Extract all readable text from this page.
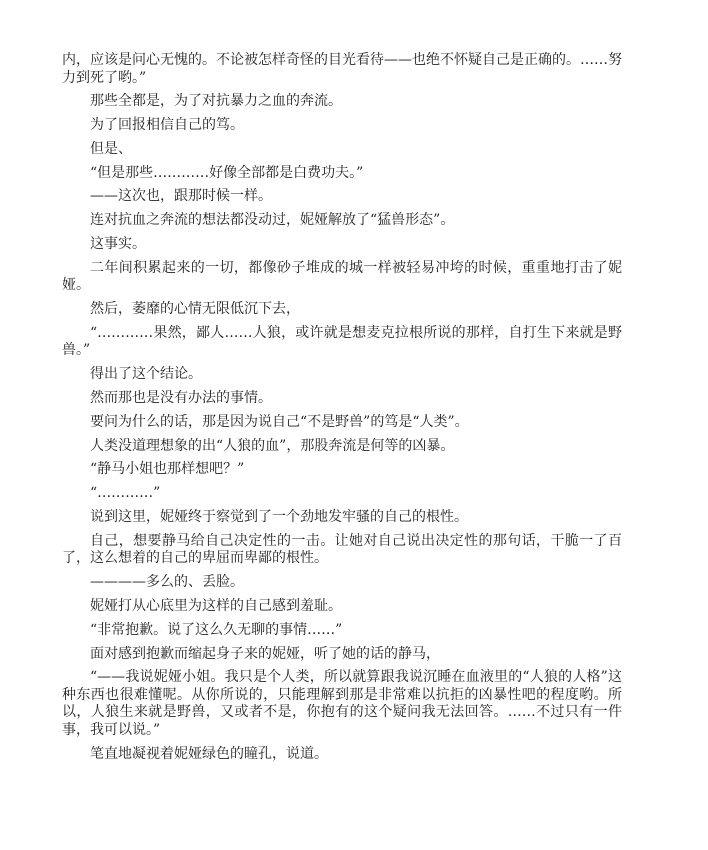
内，应该是问心无愧的。不论被怎样奇怪的目光看待——也绝不怀疑自己是正确的。……努力到死了哟。”

那些全都是，为了对抗暴力之血的奔流。

为了回报相信自己的笃。

但是、

“但是那些…………好像全部都是白费功夫。”

——这次也，跟那时候一样。

连对抗血之奔流的想法都没动过，妮娅解放了“猛兽形态”。

这事实。

二年间积累起来的一切，都像砂子堆成的城一样被轻易冲垮的时候，重重地打击了妮娅。

然后，萎靡的心情无限低沉下去，

“…………果然，鄙人……人狼，或许就是想麦克拉根所说的那样，自打生下来就是野兽。”

得出了这个结论。

然而那也是没有办法的事情。

要问为什么的话，那是因为说自己“不是野兽”的笃是“人类”。

人类没道理想象的出“人狼的血”，那股奔流是何等的凶暴。

“静马小姐也那样想吧？”

“…………”

说到这里，妮娅终于察觉到了一个劲地发牢骚的自己的根性。

自己，想要静马给自己决定性的一击。让她对自己说出决定性的那句话，干脆一了百了，这么想着的自己的卑屈而卑鄙的根性。

————多么的、丢脸。

妮娅打从心底里为这样的自己感到羞耻。

“非常抱歉。说了这么久无聊的事情……”

面对感到抱歉而缩起身子来的妮娅，听了她的话的静马，

“——我说妮娅小姐。我只是个人类，所以就算跟我说沉睡在血液里的“人狼的人格”这种东西也很难懂呢。从你所说的，只能理解到那是非常难以抗拒的凶暴性吧的程度哟。所以，人狼生来就是野兽，又或者不是，你抱有的这个疑问我无法回答。……不过只有一件事，我可以说。”

笔直地凝视着妮娅绿色的瞳孔，说道。
